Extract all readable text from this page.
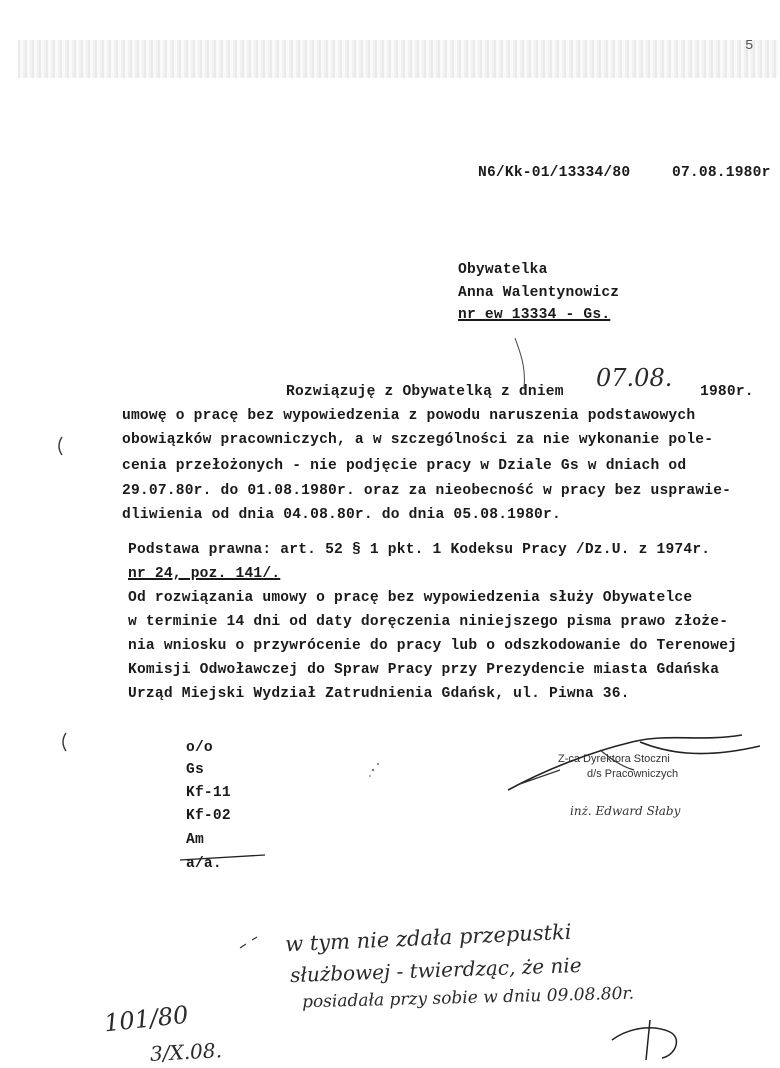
5
N6/Kk-01/13334/80	07.08.1980r
Obywatelka
Anna Walentynowicz
nr ew 13334 - Gs.
Rozwiązuję z Obywatelką z dniem 07.08. 1980r.
umowę o pracę bez wypowiedzenia z powodu naruszenia podstawowych
obowiązków pracowniczych, a w szczególności za nie wykonanie pole-
cenia przełożonych - nie podjęcie pracy w Dziale Gs w dniach od
29.07.80r. do 01.08.1980r. oraz za nieobecność w pracy bez usprawie-
dliwienia od dnia 04.08.80r. do dnia 05.08.1980r.
Podstawa prawna: art. 52 § 1 pkt. 1 Kodeksu Pracy /Dz.U. z 1974r.
nr 24, poz. 141/.
Od rozwiązania umowy o pracę bez wypowiedzenia służy Obywatelce
w terminie 14 dni od daty doręczenia niniejszego pisma prawo złoże-
nia wniosku o przywrócenie do pracy lub o odszkodowanie do Terenowej
Komisji Odwoławczej do Spraw Pracy przy Prezydencie miasta Gdańska
Urząd Miejski Wydział Zatrudnienia Gdańsk, ul. Piwna 36.
o/o
Gs
Kf-11
Kf-02
Am
a/a.
Z-ca Dyrektora Stoczni
d/s Pracowniczych
inż. Edward Słaby
w tym nie zdała przepustki
służbowej - twierdząc, że nie
posiadała przy sobie w dniu 09.08.80r.
101/80
3/X.08.
